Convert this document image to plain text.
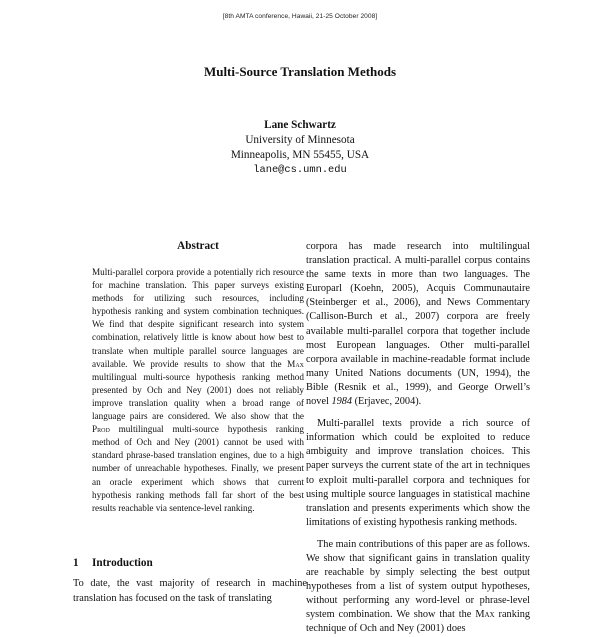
[8th AMTA conference, Hawaii, 21-25 October 2008]
Multi-Source Translation Methods
Lane Schwartz
University of Minnesota
Minneapolis, MN 55455, USA
lane@cs.umn.edu
Abstract

Multi-parallel corpora provide a potentially rich resource for machine translation. This paper surveys existing methods for utilizing such resources, including hypothesis ranking and system combination techniques. We find that despite significant research into system combination, relatively little is know about how best to translate when multiple parallel source languages are available. We provide results to show that the Max multilingual multi-source hypothesis ranking method presented by Och and Ney (2001) does not reliably improve translation quality when a broad range of language pairs are considered. We also show that the Prod multilingual multi-source hypothesis ranking method of Och and Ney (2001) cannot be used with standard phrase-based translation engines, due to a high number of unreachable hypotheses. Finally, we present an oracle experiment which shows that current hypothesis ranking methods fall far short of the best results reachable via sentence-level ranking.

1 Introduction

To date, the vast majority of research in machine translation has focused on the task of translating

corpora has made research into multilingual translation practical. A multi-parallel corpus contains the same texts in more than two languages. The Europarl (Koehn, 2005), Acquis Communautaire (Steinberger et al., 2006), and News Commentary (Callison-Burch et al., 2007) corpora are freely available multi-parallel corpora that together include most European languages. Other multi-parallel corpora available in machine-readable format include many United Nations documents (UN, 1994), the Bible (Resnik et al., 1999), and George Orwell’s novel 1984 (Erjavec, 2004).

Multi-parallel texts provide a rich source of information which could be exploited to reduce ambiguity and improve translation choices. This paper surveys the current state of the art in techniques to exploit multi-parallel corpora and techniques for using multiple source languages in statistical machine translation and presents experiments which show the limitations of existing hypothesis ranking methods.

The main contributions of this paper are as follows. We show that significant gains in translation quality are reachable by simply selecting the best output hypotheses from a list of system output hypotheses, without performing any word-level or phrase-level system combination. We show that the Max ranking technique of Och and Ney (2001) does
